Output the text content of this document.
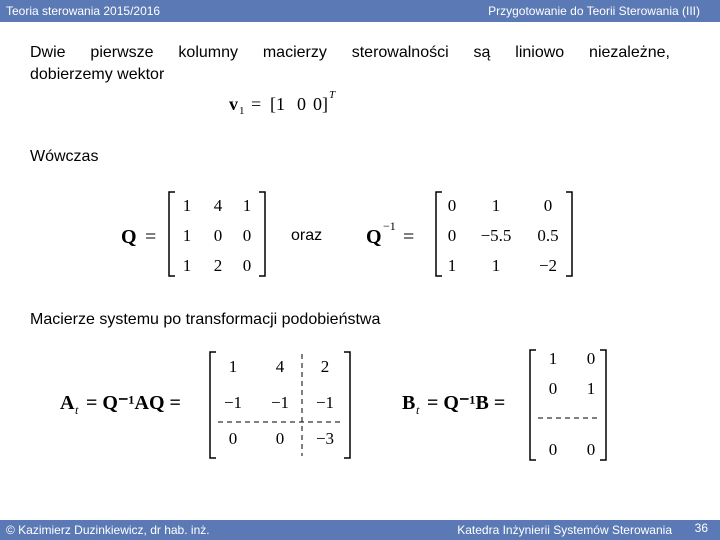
Teoria sterowania 2015/2016	Przygotowanie do Teorii Sterowania (III)
Dwie pierwsze kolumny macierzy sterowalności są liniowo niezależne,
dobierzemy wektor
v 1 = [1 0 0] T
Wówczas
Q =
1 4 1
1 0 0
1 2 0
oraz Q −1 =
0 1	0
0 −5.5 0.5
1 1 −2
Macierze systemu po transformacji podobieństwa
A t = Q⁻¹AQ =
1 4 2
−1 −1 −1
0 0 −3
B t = Q⁻¹B =
1 0
0 1
0 0
© Kazimierz Duzinkiewicz, dr hab. inż.	Katedra Inżynierii Systemów Sterowania 36
